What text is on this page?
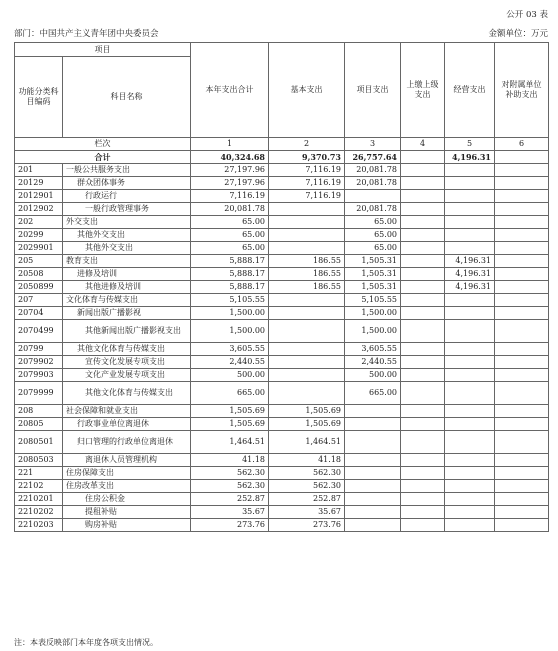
公开 03 表
部门：中国共产主义青年团中央委员会	金额单位：万元
项目		本年支出合计	基本支出	项目支出	上缴上级支出	经营支出	对附属单位补助支出
功能分类科目编码	科目名称						
栏次		1	2	3	4	5	6
合计		40,324.68	9,370.73	26,757.64		4,196.31	
201	一般公共服务支出	27,197.96	7,116.19	20,081.78			
20129	群众团体事务	27,197.96	7,116.19	20,081.78			
2012901	行政运行	7,116.19	7,116.19				
2012902	一般行政管理事务	20,081.78		20,081.78			
202	外交支出	65.00		65.00			
20299	其他外交支出	65.00		65.00			
2029901	其他外交支出	65.00		65.00			
205	教育支出	5,888.17	186.55	1,505.31		4,196.31	
20508	进修及培训	5,888.17	186.55	1,505.31		4,196.31	
2050899	其他进修及培训	5,888.17	186.55	1,505.31		4,196.31	
207	文化体育与传媒支出	5,105.55		5,105.55			
20704	新闻出版广播影视	1,500.00		1,500.00			
2070499	其他新闻出版广播影视支出	1,500.00		1,500.00			
20799	其他文化体育与传媒支出	3,605.55		3,605.55			
2079902	宣传文化发展专项支出	2,440.55		2,440.55			
2079903	文化产业发展专项支出	500.00		500.00			
2079999	其他文化体育与传媒支出	665.00		665.00			
208	社会保障和就业支出	1,505.69	1,505.69				
20805	行政事业单位离退休	1,505.69	1,505.69				
2080501	归口管理的行政单位离退休	1,464.51	1,464.51				
2080503	离退休人员管理机构	41.18	41.18				
221	住房保障支出	562.30	562.30				
22102	住房改革支出	562.30	562.30				
2210201	住房公积金	252.87	252.87				
2210202	提租补贴	35.67	35.67				
2210203	购房补贴	273.76	273.76				
注：本表反映部门本年度各项支出情况。
